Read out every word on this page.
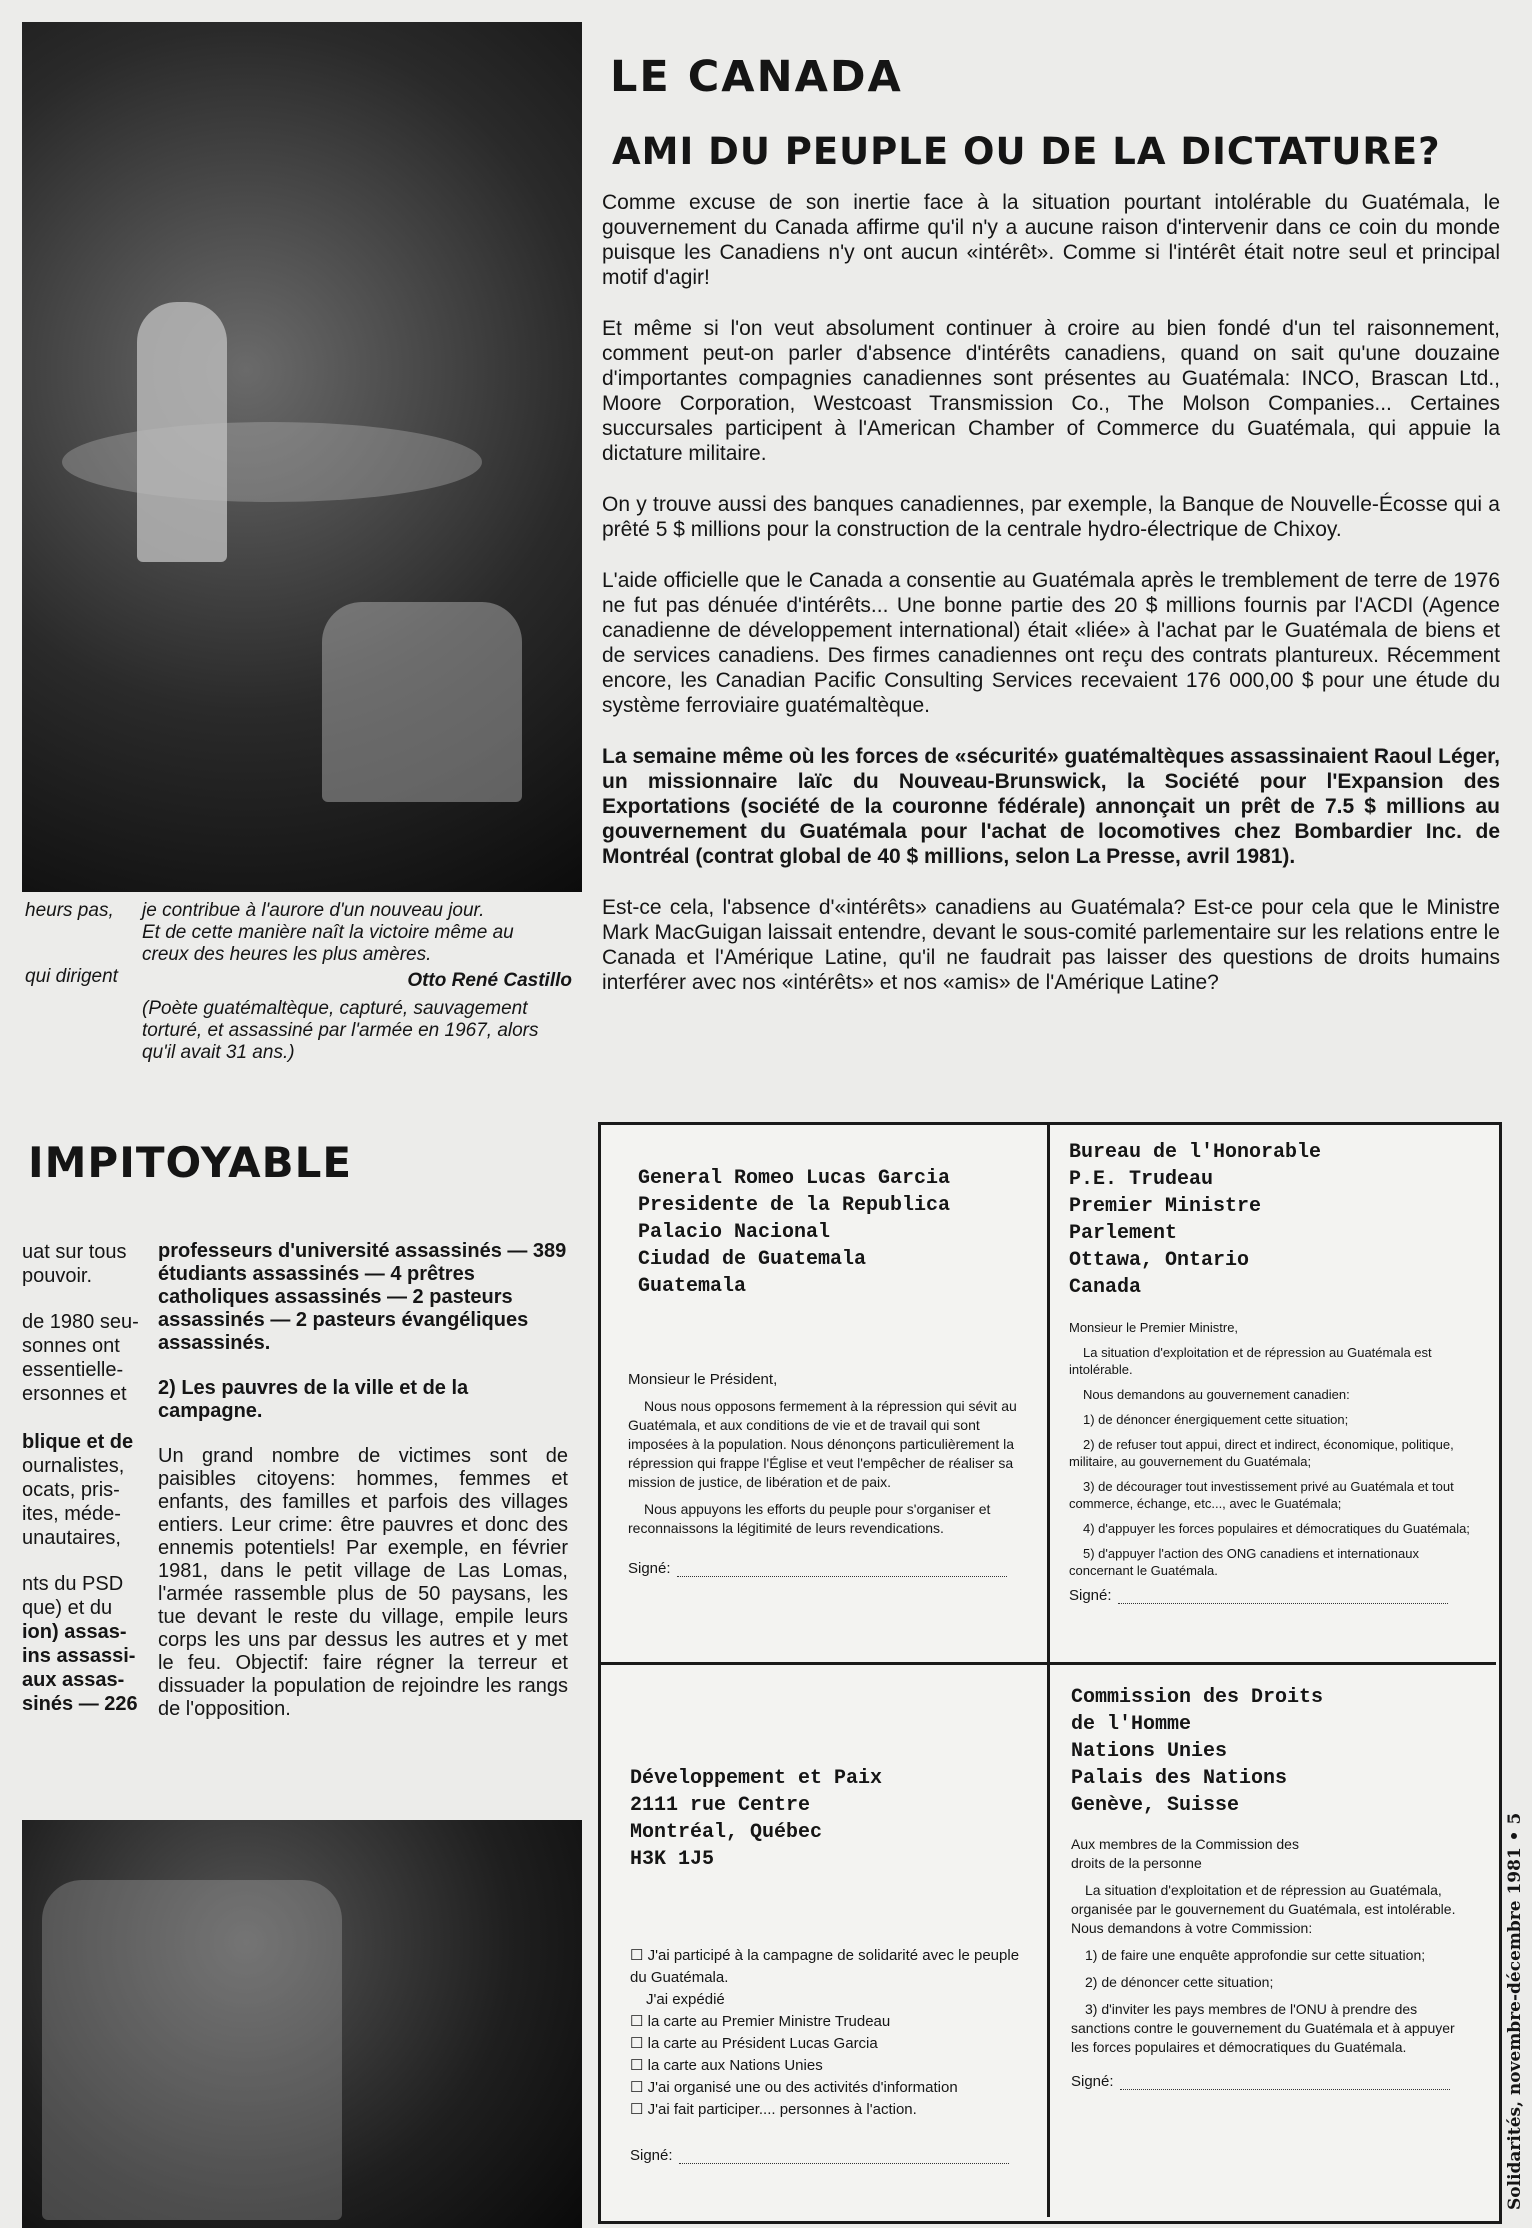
LE CANADA
AMI DU PEUPLE OU DE LA DICTATURE?

Comme excuse de son inertie face à la situation pourtant intolérable du Guatémala, le gouvernement du Canada affirme qu'il n'y a aucune raison d'intervenir dans ce coin du monde puisque les Canadiens n'y ont aucun «intérêt». Comme si l'intérêt était notre seul et principal motif d'agir!

Et même si l'on veut absolument continuer à croire au bien fondé d'un tel raisonnement, comment peut-on parler d'absence d'intérêts canadiens, quand on sait qu'une douzaine d'importantes compagnies canadiennes sont présentes au Guatémala: INCO, Brascan Ltd., Moore Corporation, Westcoast Transmission Co., The Molson Companies... Certaines succursales participent à l'American Chamber of Commerce du Guatémala, qui appuie la dictature militaire.

On y trouve aussi des banques canadiennes, par exemple, la Banque de Nouvelle-Écosse qui a prêté 5 $ millions pour la construction de la centrale hydro-électrique de Chixoy.

L'aide officielle que le Canada a consentie au Guatémala après le tremblement de terre de 1976 ne fut pas dénuée d'intérêts... Une bonne partie des 20 $ millions fournis par l'ACDI (Agence canadienne de développement international) était «liée» à l'achat par le Guatémala de biens et de services canadiens. Des firmes canadiennes ont reçu des contrats plantureux. Récemment encore, les Canadian Pacific Consulting Services recevaient 176 000,00 $ pour une étude du système ferroviaire guatémaltèque.

La semaine même où les forces de «sécurité» guatémaltèques assassinaient Raoul Léger, un missionnaire laïc du Nouveau-Brunswick, la Société pour l'Expansion des Exportations (société de la couronne fédérale) annonçait un prêt de 7.5 $ millions au gouvernement du Guatémala pour l'achat de locomotives chez Bombardier Inc. de Montréal (contrat global de 40 $ millions, selon La Presse, avril 1981).

Est-ce cela, l'absence d'«intérêts» canadiens au Guatémala? Est-ce pour cela que le Ministre Mark MacGuigan laissait entendre, devant le sous-comité parlementaire sur les relations entre le Canada et l'Amérique Latine, qu'il ne faudrait pas laisser des questions de droits humains interférer avec nos «intérêts» et nos «amis» de l'Amérique Latine?

heurs pas,
qui dirigent
je contribue à l'aurore d'un nouveau jour.
Et de cette manière naît la victoire même au
creux des heures les plus amères.
Otto René Castillo
(Poète guatémaltèque, capturé, sauvagement
torturé, et assassiné par l'armée en 1967, alors
qu'il avait 31 ans.)
IMPITOYABLE
uat sur tous
pouvoir.
de 1980 seu-
sonnes ont
essentielle-
ersonnes et
blique et de
ournalistes,
ocats, pris-
ites, méde-
unautaires,
nts du PSD
que) et du
ion) assas-
ins assassi-
aux assas-
sinés — 226

professeurs d'université assassinés — 389 étudiants assassinés — 4 prêtres catholiques assassinés — 2 pasteurs assassinés — 2 pasteurs évangéliques assassinés.

2) Les pauvres de la ville et de la campagne.

Un grand nombre de victimes sont de paisibles citoyens: hommes, femmes et enfants, des familles et parfois des villages entiers. Leur crime: être pauvres et donc des ennemis potentiels! Par exemple, en février 1981, dans le petit village de Las Lomas, l'armée rassemble plus de 50 paysans, les tue devant le reste du village, empile leurs corps les uns par dessus les autres et y met le feu. Objectif: faire régner la terreur et dissuader la population de rejoindre les rangs de l'opposition.

General Romeo Lucas Garcia
Presidente de la Republica
Palacio Nacional
Ciudad de Guatemala
Guatemala

Monsieur le Président,

Nous nous opposons fermement à la répression qui sévit au Guatémala, et aux conditions de vie et de travail qui sont imposées à la population. Nous dénonçons particulièrement la répression qui frappe l'Église et veut l'empêcher de réaliser sa mission de justice, de libération et de paix.

Nous appuyons les efforts du peuple pour s'organiser et reconnaissons la légitimité de leurs revendications.

Signé:
Bureau de l'Honorable
P.E. Trudeau
Premier Ministre
Parlement
Ottawa, Ontario
Canada

Monsieur le Premier Ministre,

La situation d'exploitation et de répression au Guatémala est intolérable.

Nous demandons au gouvernement canadien:

1) de dénoncer énergiquement cette situation;

2) de refuser tout appui, direct et indirect, économique, politique, militaire, au gouvernement du Guatémala;

3) de décourager tout investissement privé au Guatémala et tout commerce, échange, etc..., avec le Guatémala;

4) d'appuyer les forces populaires et démocratiques du Guatémala;

5) d'appuyer l'action des ONG canadiens et internationaux concernant le Guatémala.

Signé:
Développement et Paix
2111 rue Centre
Montréal, Québec
H3K 1J5
☐ J'ai participé à la campagne de solidarité avec le peuple du Guatémala.
J'ai expédié
☐ la carte au Premier Ministre Trudeau
☐ la carte au Président Lucas Garcia
☐ la carte aux Nations Unies
☐ J'ai organisé une ou des activités d'information
☐ J'ai fait participer.... personnes à l'action.
Signé:
Commission des Droits
de l'Homme
Nations Unies
Palais des Nations
Genève, Suisse

Aux membres de la Commission des droits de la personne

La situation d'exploitation et de répression au Guatémala, organisée par le gouvernement du Guatémala, est intolérable. Nous demandons à votre Commission:

1) de faire une enquête approfondie sur cette situation;

2) de dénoncer cette situation;

3) d'inviter les pays membres de l'ONU à prendre des sanctions contre le gouvernement du Guatémala et à appuyer les forces populaires et démocratiques du Guatémala.

Signé:	Solidarités, novembre-décembre 1981 • 5
